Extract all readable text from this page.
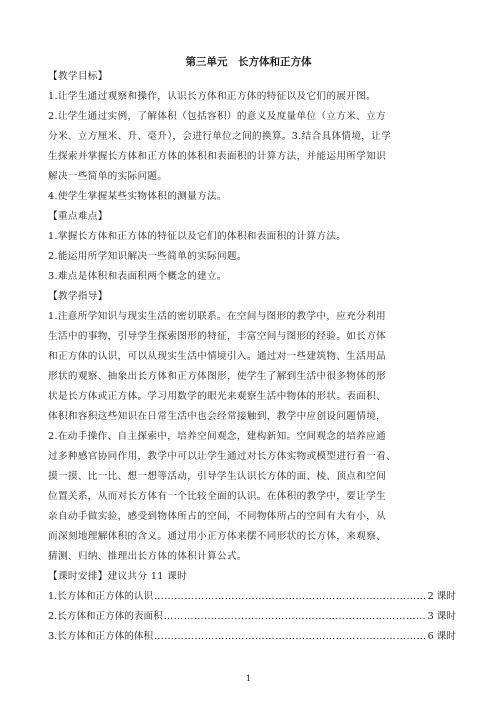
第三单元　长方体和正方体
【教学目标】
1.让学生通过观察和操作，认识长方体和正方体的特征以及它们的展开图。
2.让学生通过实例，了解体积（包括容积）的意义及度量单位（立方米、立方
分米、立方厘米、升、毫升），会进行单位之间的换算。3.结合具体情境，让学
生探索并掌握长方体和正方体的体积和表面积的计算方法，并能运用所学知识
解决一些简单的实际问题。
4.使学生掌握某些实物体积的测量方法。
【重点难点】
1.掌握长方体和正方体的特征以及它们的体积和表面积的计算方法。
2.能运用所学知识解决一些简单的实际问题。
3.难点是体积和表面积两个概念的建立。
【教学指导】
1.注意所学知识与现实生活的密切联系。在空间与图形的教学中，应充分利用
生活中的事物，引导学生探索图形的特征，丰富空间与图形的经验。如长方体
和正方体的认识，可以从现实生活中情境引入。通过对一些建筑物、生活用品
形状的观察、抽象出长方体和正方体图形，使学生了解到生活中很多物体的形
状是长方体或正方体。学习用数学的眼光来观察生活中物体的形状。表面积、
体积和容积这些知识在日常生活中也会经常接触到，教学中应创设问题情境，
2.在动手操作、自主探索中，培养空间观念，建构新知。空间观念的培养应通
过多种感官协同作用，教学中可以让学生通过对长方体实物或模型进行看一看、
摸一摸、比一比、想一想等活动，引导学生认识长方体的面、棱、顶点和空间
位置关系，从而对长方体有一个比较全面的认识。在体积的教学中，要让学生
亲自动手做实验，感受到物体所占的空间，不同物体所占的空间有大有小，从
而深刻地理解体积的含义。通过用小正方体来摆不同形状的长方体，来观察、
猜测、归纳、推理出长方体的体积计算公式。
【课时安排】建议共分 11 课时
1.长方体和正方体的认识 ………………………………………………………………………………………………………………………………	2 课时
2.长方体和正方体的表面积 ………………………………………………………………………………………………………………………………	3 课时
3.长方体和正方体的体积 ………………………………………………………………………………………………………………………………	6 课时
1
